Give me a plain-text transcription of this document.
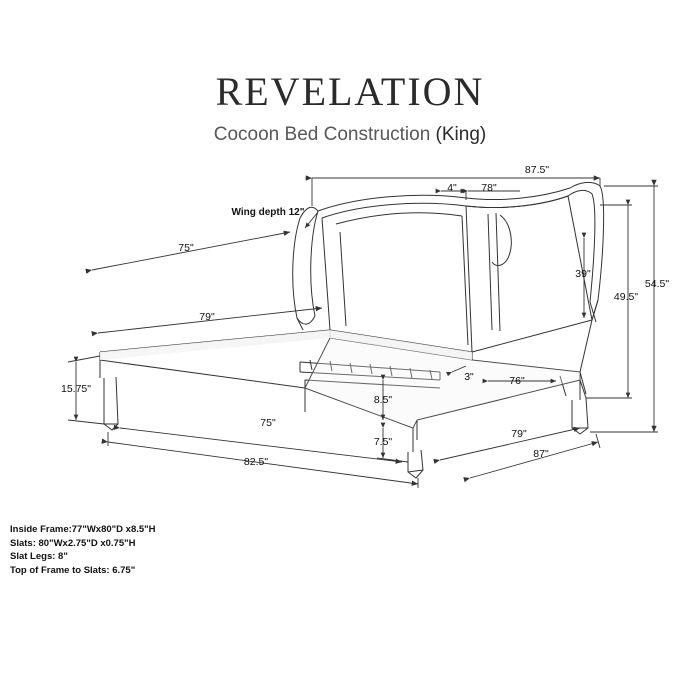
REVELATION
Cocoon Bed Construction (King)
87.5"
78"
4"
Wing depth 12"
75"
39"
54.5"
49.5"
79"
3"	76"
15.75"
8.5"
75"
79"
7.5"
87"
82.5"
Inside Frame:77"Wx80"D x8.5"H
Slats: 80"Wx2.75"D x0.75"H
Slat Legs: 8"
Top of Frame to Slats: 6.75"
